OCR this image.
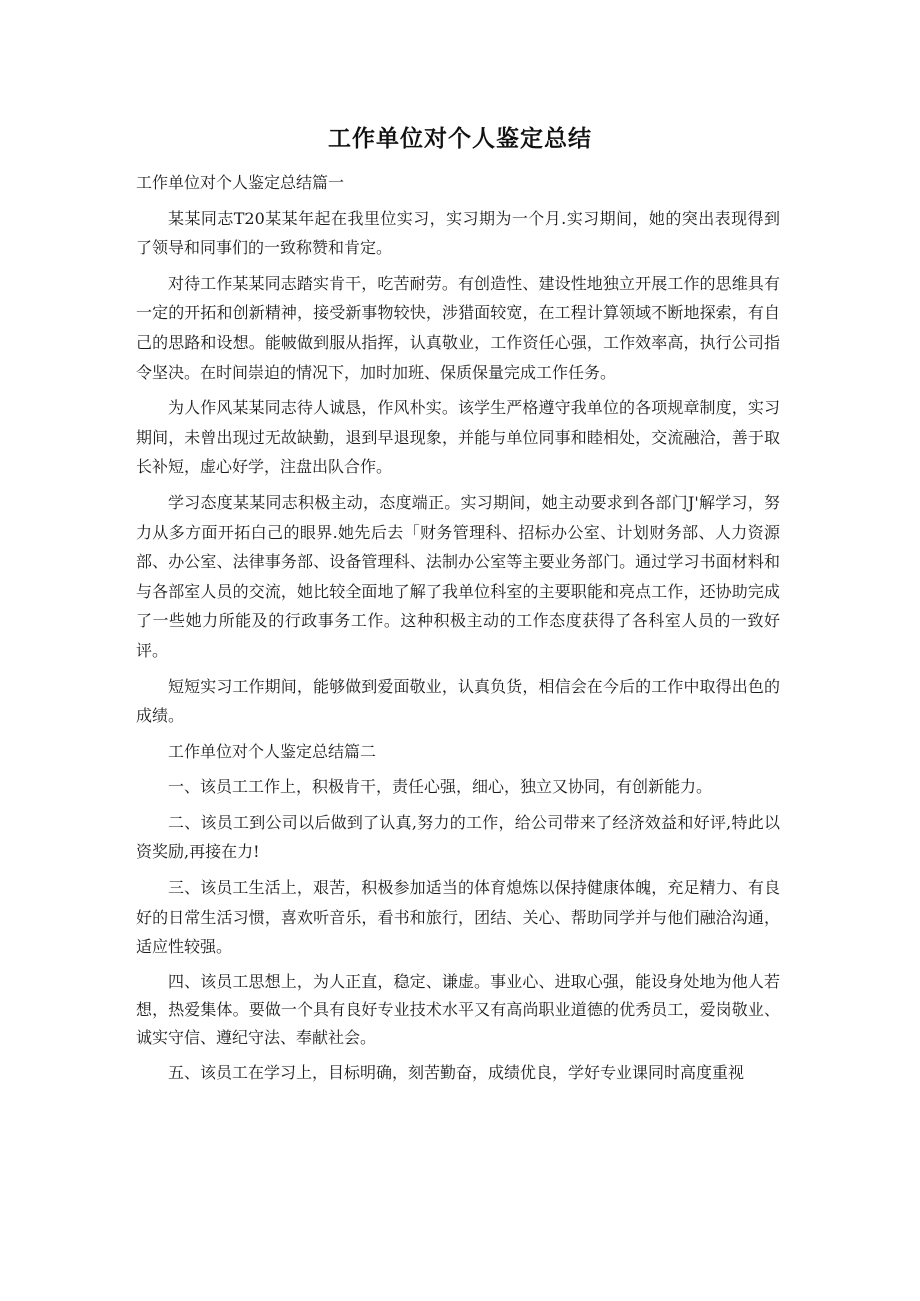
工作单位对个人鉴定总结

工作单位对个人鉴定总结篇一

某某同志T20某某年起在我里位实习，实习期为一个月.实习期间，她的突出表现得到了领导和同事们的一致称赞和肯定。

对待工作某某同志踏实肯干，吃苦耐劳。有创造性、建设性地独立开展工作的思维具有一定的开拓和创新精神，接受新事物较快，涉猎面较宽，在工程计算领域不断地探索，有自己的思路和设想。能帔做到服从指挥，认真敬业，工作资任心强，工作效率高，执行公司指令坚决。在时间崇迫的情况下，加时加班、保质保量完成工作任务。

为人作风某某同志待人诚恳，作风朴实。该学生严格遵守我单位的各项规章制度，实习期间，未曾出现过无故缺勤，退到早退现象，并能与单位同事和睦相处，交流融洽，善于取长补短，虚心好学，注盘出队合作。

学习态度某某同志积极主动，态度端正。实习期间，她主动要求到各部门J'解学习，努力从多方面开拓白己的眼界.她先后去「财务管理科、招标办公室、计划财务部、人力资源部、办公室、法律事务部、设备管理科、法制办公室等主要业务部门。通过学习书面材料和与各部室人员的交流，她比较全面地了解了我单位科室的主要职能和亮点工作，还协助完成了一些她力所能及的行政事务工作。这种积极主动的工作态度获得了各科室人员的一致好评。

短短实习工作期间，能够做到爱面敬业，认真负货，相信会在今后的工作中取得出色的成绩。

工作单位对个人鉴定总结篇二

一、该员工工作上，积极肯干，责任心强，细心，独立又协同，有创新能力。

二、该员工到公司以后做到了认真,努力的工作，给公司带来了经济效益和好评,特此以资奖励,再接在力!

三、该员工生活上，艰苦，积极参加适当的体育熄炼以保持健康体魄，充足精力、有良好的日常生活习惯，喜欢听音乐，看书和旅行，团结、关心、帮助同学并与他们融洽沟通，适应性较强。

四、该员工思想上，为人正直，稳定、谦虚。事业心、进取心强，能设身处地为他人若想，热爱集体。要做一个具有良好专业技术水平又有高尚职业道德的优秀员工，爱岗敬业、诚实守信、遵纪守法、奉献社会。

五、该员工在学习上，目标明确，刻苦勤奋，成绩优良，学好专业课同时高度重视
